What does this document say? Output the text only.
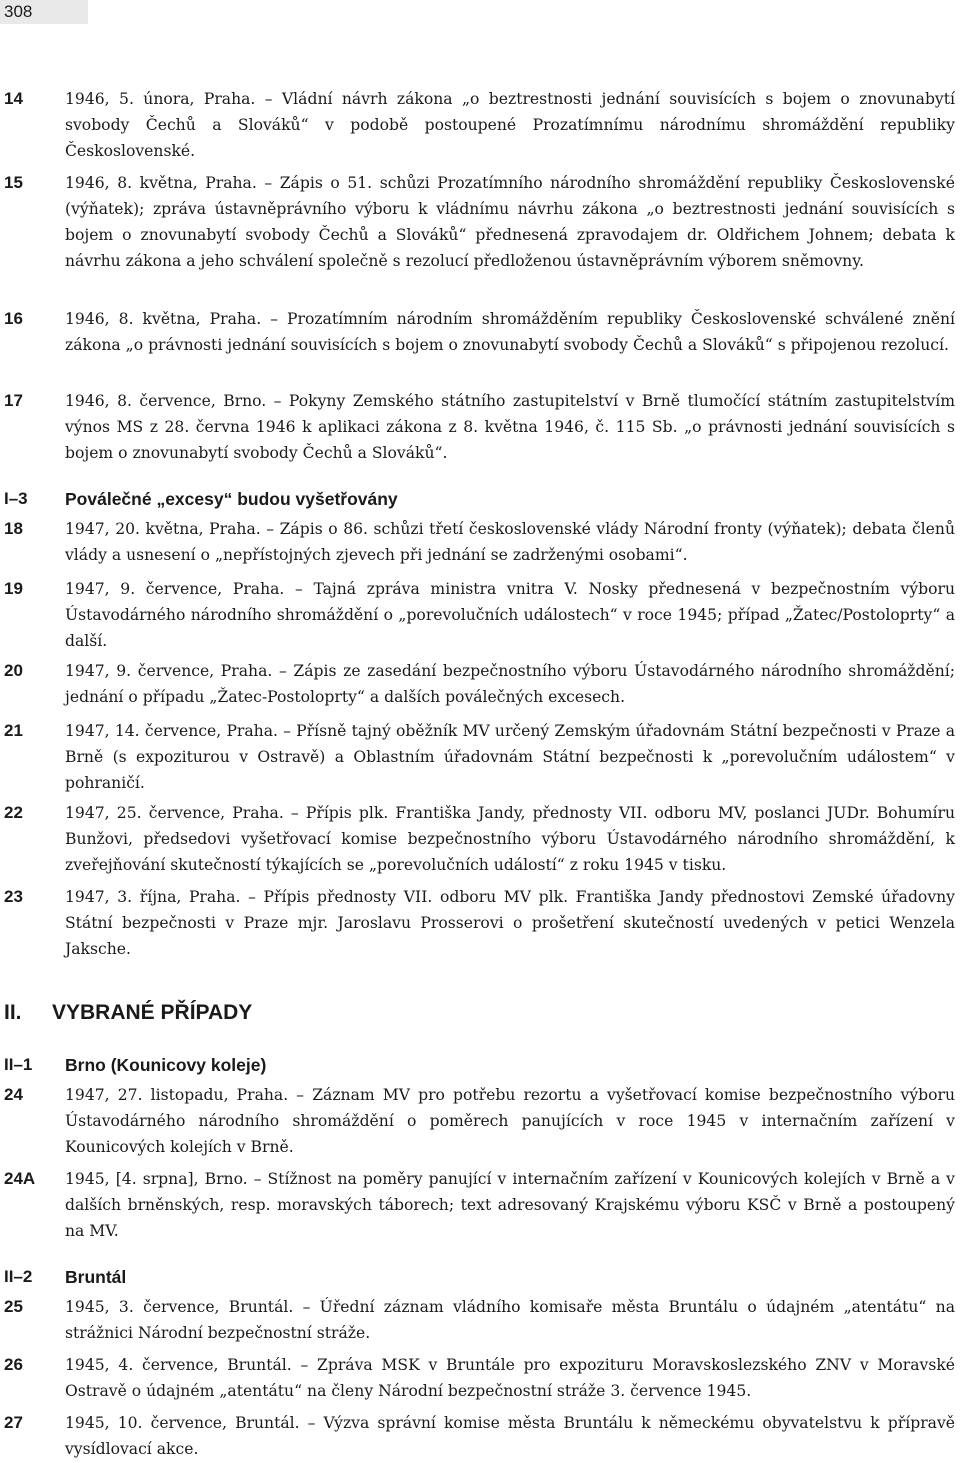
308
14	1946, 5. února, Praha. – Vládní návrh zákona „o beztrestnosti jednání souvisících s bojem o znovunabytí svobody Čechů a Slováků“ v podobě postoupené Prozatímnímu národnímu shromáždění republiky Československé.
15	1946, 8. května, Praha. – Zápis o 51. schůzi Prozatímního národního shromáždění republiky Československé (výňatek); zpráva ústavněprávního výboru k vládnímu návrhu zákona „o beztrestnosti jednání souvisících s bojem o znovunabytí svobody Čechů a Slováků“ přednesená zpravodajem dr. Oldřichem Johnem; debata k návrhu zákona a jeho schválení společně s rezolucí předloženou ústavněprávním výborem sněmovny.
16	1946, 8. května, Praha. – Prozatímním národním shromážděním republiky Československé schválené znění zákona „o právnosti jednání souvisících s bojem o znovunabytí svobody Čechů a Slováků“ s připojenou rezolucí.
17	1946, 8. července, Brno. – Pokyny Zemského státního zastupitelství v Brně tlumočící státním zastupitelstvím výnos MS z 28. června 1946 k aplikaci zákona z 8. května 1946, č. 115 Sb. „o právnosti jednání souvisících s bojem o znovunabytí svobody Čechů a Slováků“.
I–3 Poválečné „excesy“ budou vyšetřovány
18	1947, 20. května, Praha. – Zápis o 86. schůzi třetí československé vlády Národní fronty (výňatek); debata členů vlády a usnesení o „nepřístojných zjevech při jednání se zadrženými osobami“.
19	1947, 9. července, Praha. – Tajná zpráva ministra vnitra V. Nosky přednesená v bezpečnostním výboru Ústavodárného národního shromáždění o „porevolučních událostech“ v roce 1945; případ „Žatec/Postoloprty“ a další.
20	1947, 9. července, Praha. – Zápis ze zasedání bezpečnostního výboru Ústavodárného národního shromáždění; jednání o případu „Žatec-Postoloprty“ a dalších poválečných excesech.
21	1947, 14. července, Praha. – Přísně tajný oběžník MV určený Zemským úřadovnám Státní bezpečnosti v Praze a Brně (s expoziturou v Ostravě) a Oblastním úřadovnám Státní bezpečnosti k „porevolučním událostem“ v pohraničí.
22	1947, 25. července, Praha. – Přípis plk. Františka Jandy, přednosty VII. odboru MV, poslanci JUDr. Bohumíru Bunžovi, předsedovi vyšetřovací komise bezpečnostního výboru Ústavodárného národního shromáždění, k zveřejňování skutečností týkajících se „porevolučních událostí“ z roku 1945 v tisku.
23	1947, 3. října, Praha. – Přípis přednosty VII. odboru MV plk. Františka Jandy přednostovi Zemské úřadovny Státní bezpečnosti v Praze mjr. Jaroslavu Prosserovi o prošetření skutečností uvedených v petici Wenzela Jaksche.
II. VYBRANÉ PŘÍPADY
II–1 Brno (Kounicovy koleje)
24	1947, 27. listopadu, Praha. – Záznam MV pro potřebu rezortu a vyšetřovací komise bezpečnostního výboru Ústavodárného národního shromáždění o poměrech panujících v roce 1945 v internačním zařízení v Kounicových kolejích v Brně.
24A 1945, [4. srpna], Brno. – Stížnost na poměry panující v internačním zařízení v Kounicových kolejích v Brně a v dalších brněnských, resp. moravských táborech; text adresovaný Krajskému výboru KSČ v Brně a postoupený na MV.
II–2 Bruntál
25	1945, 3. července, Bruntál. – Úřední záznam vládního komisaře města Bruntálu o údajném „atentátu“ na strážnici Národní bezpečnostní stráže.
26	1945, 4. července, Bruntál. – Zpráva MSK v Bruntále pro expozituru Moravskoslezského ZNV v Moravské Ostravě o údajném „atentátu“ na členy Národní bezpečnostní stráže 3. července 1945.
27	1945, 10. července, Bruntál. – Výzva správní komise města Bruntálu k německému obyvatelstvu k přípravě vysídlovací akce.
